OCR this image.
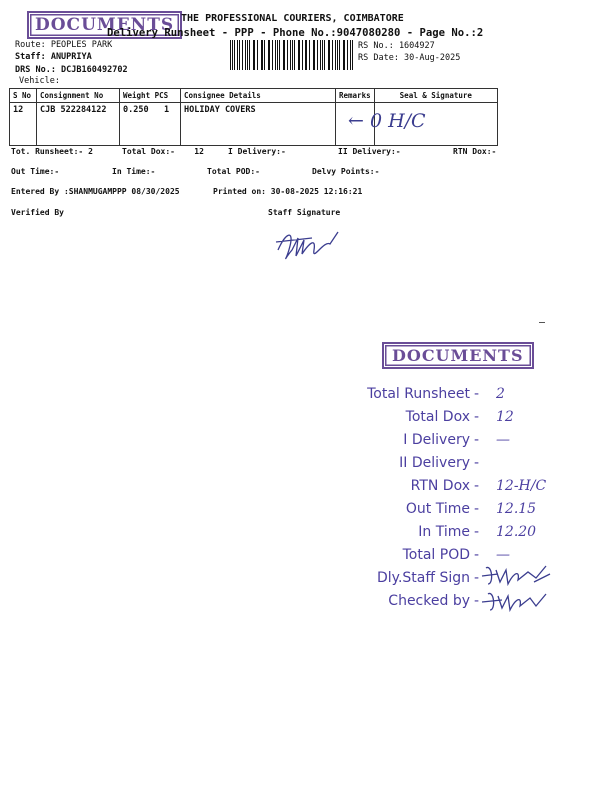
DOCUMENTS THE PROFESSIONAL COURIERS, COIMBATORE
Delivery Runsheet - PPP - Phone No.:9047080280 - Page No.:2
Route: PEOPLES PARK
Staff: ANUPRIYA
DRS No.: DCJB160492702
Vehicle:
RS No.: 1604927
RS Date: 30-Aug-2025
S No	Consignment No	Weight PCS	Consignee Details	Remarks	Seal & Signature
12	CJB 522284122	0.250 1	HOLIDAY COVERS			← 0 H/C
Tot. Runsheet:- 2	Total Dox:-    12	I Delivery:-	II Delivery:-	RTN Dox:-
Out Time:-	In Time:-	Total POD:-	Delvy Points:-
Entered By :SHANMUGAMPPP 08/30/2025	Printed on: 30-08-2025 12:16:21
Verified By	Staff Signature
DOCUMENTS
Total Runsheet - 2
Total Dox - 12
I Delivery - —
II Delivery -
RTN Dox - 12-H/C
Out Time - 12.15
In Time - 12.20
Total POD - —
Dly.Staff Sign -
Checked by -
